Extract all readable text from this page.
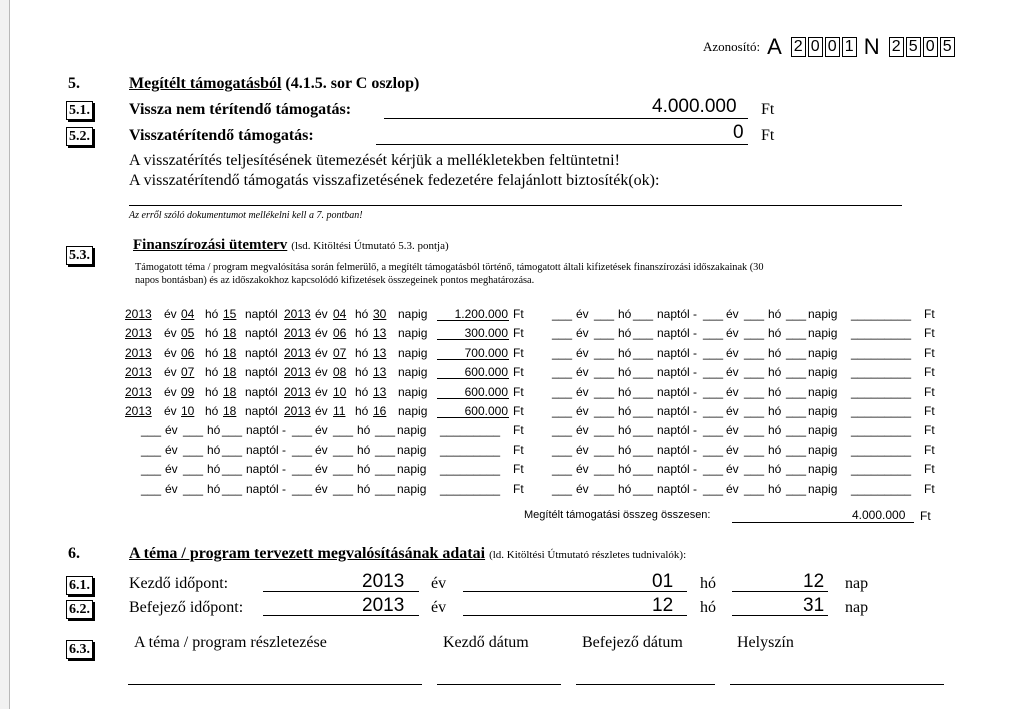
Azonosító: A 2 0 0 1 N 2 5 0 5
5.	Megítélt támogatásból (4.1.5. sor C oszlop)
5.1. Vissza nem térítendő támogatás:	4.000.000 Ft
5.2. Visszatérítendő támogatás:	0 Ft
A visszatérítés teljesítésének ütemezését kérjük a mellékletekben feltüntetni!
A visszatérítendő támogatás visszafizetésének fedezetére felajánlott biztosíték(ok):
Az erről szóló dokumentumot mellékelni kell a 7. pontban!
5.3.
Finanszírozási ütemterv (lsd. Kitöltési Útmutató 5.3. pontja)
Támogatott téma / program megvalósítása során felmerülő, a megítélt támogatásból történő, támogatott általi kifizetések finanszírozási időszakainak (30
napos bontásban) és az időszakokhoz kapcsolódó kifizetések összegeinek pontos meghatározása.
2013 év 04 hó 15 naptól 2013 év 04 hó 30 napig 1.200.000 Ft ___ év ___ hó ___ naptól - ___ év ___ hó ___ napig _________ Ft
2013 év 05 hó 18 naptól 2013 év 06 hó 13 napig	300.000 Ft ___ év ___ hó ___ naptól - ___ év ___ hó ___ napig _________ Ft
2013 év 06 hó 18 naptól 2013 év 07 hó 13 napig	700.000 Ft ___ év ___ hó ___ naptól - ___ év ___ hó ___ napig _________ Ft
2013 év 07 hó 18 naptól 2013 év 08 hó 13 napig	600.000 Ft ___ év ___ hó ___ naptól - ___ év ___ hó ___ napig _________ Ft
2013 év 09 hó 18 naptól 2013 év 10 hó 13 napig	600.000 Ft ___ év ___ hó ___ naptól - ___ év ___ hó ___ napig _________ Ft
2013 év 10 hó 18 naptól 2013 év 11 hó 16 napig	600.000 Ft ___ év ___ hó ___ naptól - ___ év ___ hó ___ napig _________ Ft
___ év ___ hó ___ naptól - ___ év ___ hó ___ napig _________ Ft ___ év ___ hó ___ naptól - ___ év ___ hó ___ napig _________ Ft
___ év ___ hó ___ naptól - ___ év ___ hó ___ napig _________ Ft ___ év ___ hó ___ naptól - ___ év ___ hó ___ napig _________ Ft
___ év ___ hó ___ naptól - ___ év ___ hó ___ napig _________ Ft ___ év ___ hó ___ naptól - ___ év ___ hó ___ napig _________ Ft
___ év ___ hó ___ naptól - ___ év ___ hó ___ napig _________ Ft ___ év ___ hó ___ naptól - ___ év ___ hó ___ napig _________ Ft
Megítélt támogatási összeg összesen:	4.000.000 Ft
6.	A téma / program tervezett megvalósításának adatai (ld. Kitöltési Útmutató részletes tudnivalók):
6.1. Kezdő időpont:	2013 év	01 hó	12 nap
6.2. Befejező időpont:	2013 év	12 hó	31 nap
6.3.	A téma / program részletezése	Kezdő dátum	Befejező dátum	Helyszín
